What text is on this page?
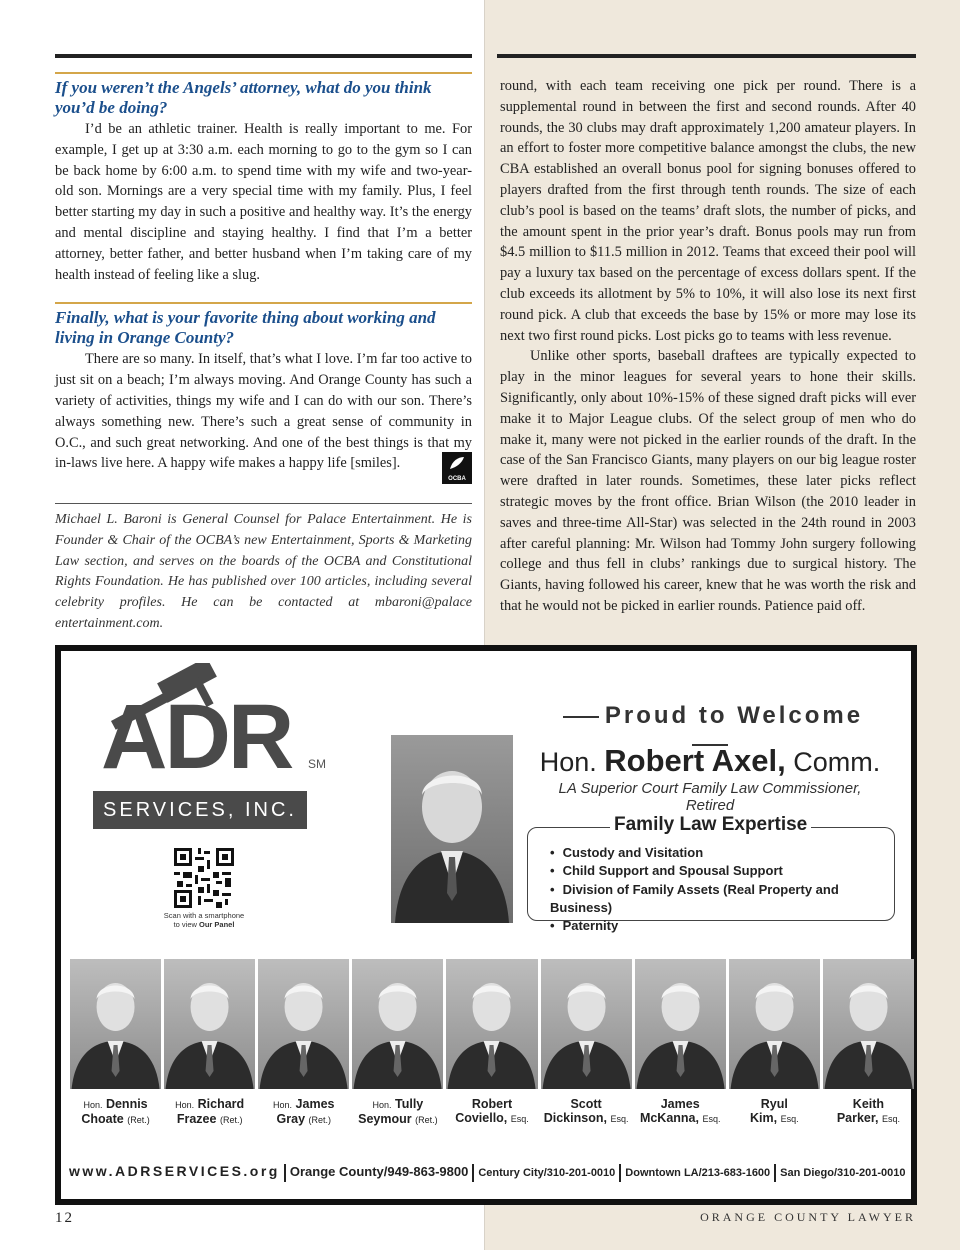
If you weren’t the Angels’ attorney, what do you think you’d be doing?

I’d be an athletic trainer. Health is really important to me. For example, I get up at 3:30 a.m. each morning to go to the gym so I can be back home by 6:00 a.m. to spend time with my wife and two-year-old son. Mornings are a very special time with my family. Plus, I feel better starting my day in such a positive and healthy way. It’s the energy and mental discipline and staying healthy. I find that I’m a better attorney, better father, and better husband when I’m taking care of my health instead of feeling like a slug.

Finally, what is your favorite thing about working and living in Orange County?

There are so many. In itself, that’s what I love. I’m far too active to just sit on a beach; I’m always moving. And Orange County has such a variety of activities, things my wife and I can do with our son. There’s always something new. There’s such a great sense of community in O.C., and such great networking. And one of the best things is that my in-laws live here. A happy wife makes a happy life [smiles].

OCBA

Michael L. Baroni is General Counsel for Palace Entertainment. He is Founder & Chair of the OCBA’s new Entertainment, Sports & Marketing Law section, and serves on the boards of the OCBA and Constitutional Rights Foundation. He has published over 100 articles, including several celebrity profiles. He can be contacted at mbaroni@palace entertainment.com.

round, with each team receiving one pick per round. There is a supplemental round in between the first and second rounds. After 40 rounds, the 30 clubs may draft approximately 1,200 amateur players. In an effort to foster more competitive balance amongst the clubs, the new CBA established an overall bonus pool for signing bonuses offered to players drafted from the first through tenth rounds. The size of each club’s pool is based on the teams’ draft slots, the number of picks, and the amount spent in the prior year’s draft. Bonus pools may run from $4.5 million to $11.5 million in 2012. Teams that exceed their pool will pay a luxury tax based on the percentage of excess dollars spent. If the club exceeds its allotment by 5% to 10%, it will also lose its next first round pick. A club that exceeds the base by 15% or more may lose its next two first round picks. Lost picks go to teams with less revenue.

Unlike other sports, baseball draftees are typically expected to play in the minor leagues for several years to hone their skills. Significantly, only about 10%-15% of these signed draft picks will ever make it to Major League clubs. Of the select group of men who do make it, many were not picked in the earlier rounds of the draft. In the case of the San Francisco Giants, many players on our big league roster were drafted in later rounds. Sometimes, these later picks reflect strategic moves by the front office. Brian Wilson (the 2010 leader in saves and three-time All-Star) was selected in the 24th round in 2003 after careful planning: Mr. Wilson had Tommy John surgery following college and thus fell in clubs’ rankings due to surgical history. The Giants, having followed his career, knew that he was worth the risk and that he would not be picked in earlier rounds. Patience paid off.

ADR SM
SERVICES, INC.
Scan with a smartphone
to view Our Panel
Proud to Welcome
Hon. Robert Axel, Comm.
LA Superior Court Family Law Commissioner, Retired
Family Law Expertise
• Custody and Visitation
• Child Support and Spousal Support
• Division of Family Assets (Real Property and Business)
• Paternity
Hon. Dennis
Choate (Ret.)
Hon. Richard
Frazee (Ret.)
Hon. James
Gray (Ret.)
Hon. Tully
Seymour (Ret.)
Robert
Coviello, Esq.
Scott
Dickinson, Esq.
James
McKanna, Esq.
Ryul
Kim, Esq.
Keith
Parker, Esq.
www.ADRSERVICES.org Orange County/949-863-9800 Century City/310-201-0010 Downtown LA/213-683-1600 San Diego/310-201-0010
12	ORANGE COUNTY LAWYER
